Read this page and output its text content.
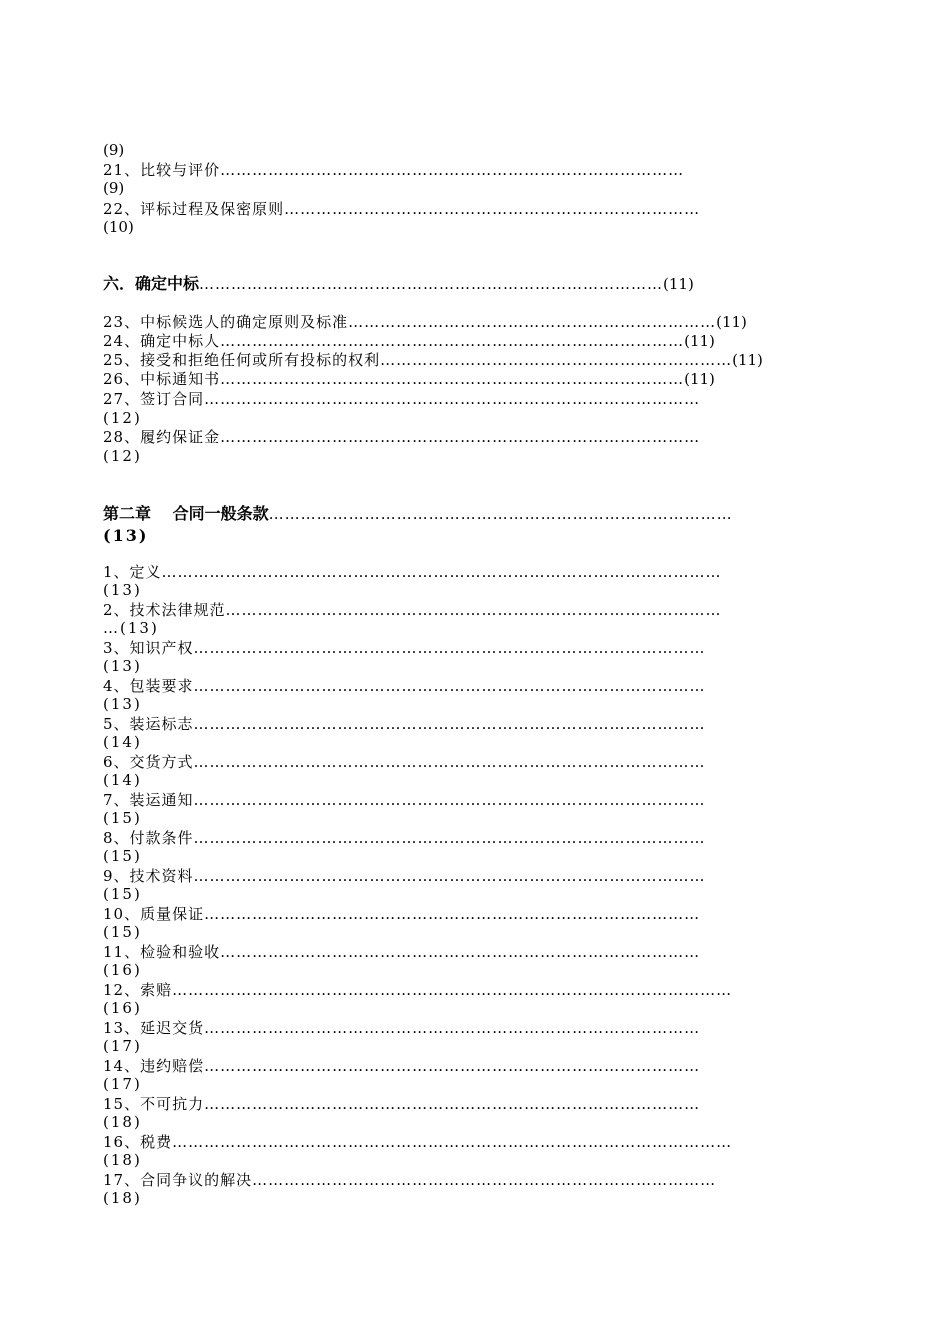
(9)
21、比较与评价……………………………………………………………………………
(9)
22、评标过程及保密原则……………………………………………………………………
(10)
六．确定中标……………………………………………………………………………(11)
23、中标候选人的确定原则及标准……………………………………………………………(11)
24、确定中标人……………………………………………………………………………(11)
25、接受和拒绝任何或所有投标的权利…………………………………………………………(11)
26、中标通知书……………………………………………………………………………(11)
27、签订合同…………………………………………………………………………………
(12)
28、履约保证金………………………………………………………………………………
(12)
第二章　 合同一般条款……………………………………………………………………………
(13)
1、定义……………………………………………………………………………………………
(13)
2、技术法律规范…………………………………………………………………………………
…(13)
3、知识产权……………………………………………………………………………………
(13)
4、包装要求……………………………………………………………………………………
(13)
5、装运标志……………………………………………………………………………………
(14)
6、交货方式……………………………………………………………………………………
(14)
7、装运通知……………………………………………………………………………………
(15)
8、付款条件……………………………………………………………………………………
(15)
9、技术资料……………………………………………………………………………………
(15)
10、质量保证…………………………………………………………………………………
(15)
11、检验和验收………………………………………………………………………………
(16)
12、索赔……………………………………………………………………………………………
(16)
13、延迟交货…………………………………………………………………………………
(17)
14、违约赔偿…………………………………………………………………………………
(17)
15、不可抗力…………………………………………………………………………………
(18)
16、税费……………………………………………………………………………………………
(18)
17、合同争议的解决……………………………………………………………………………
(18)
